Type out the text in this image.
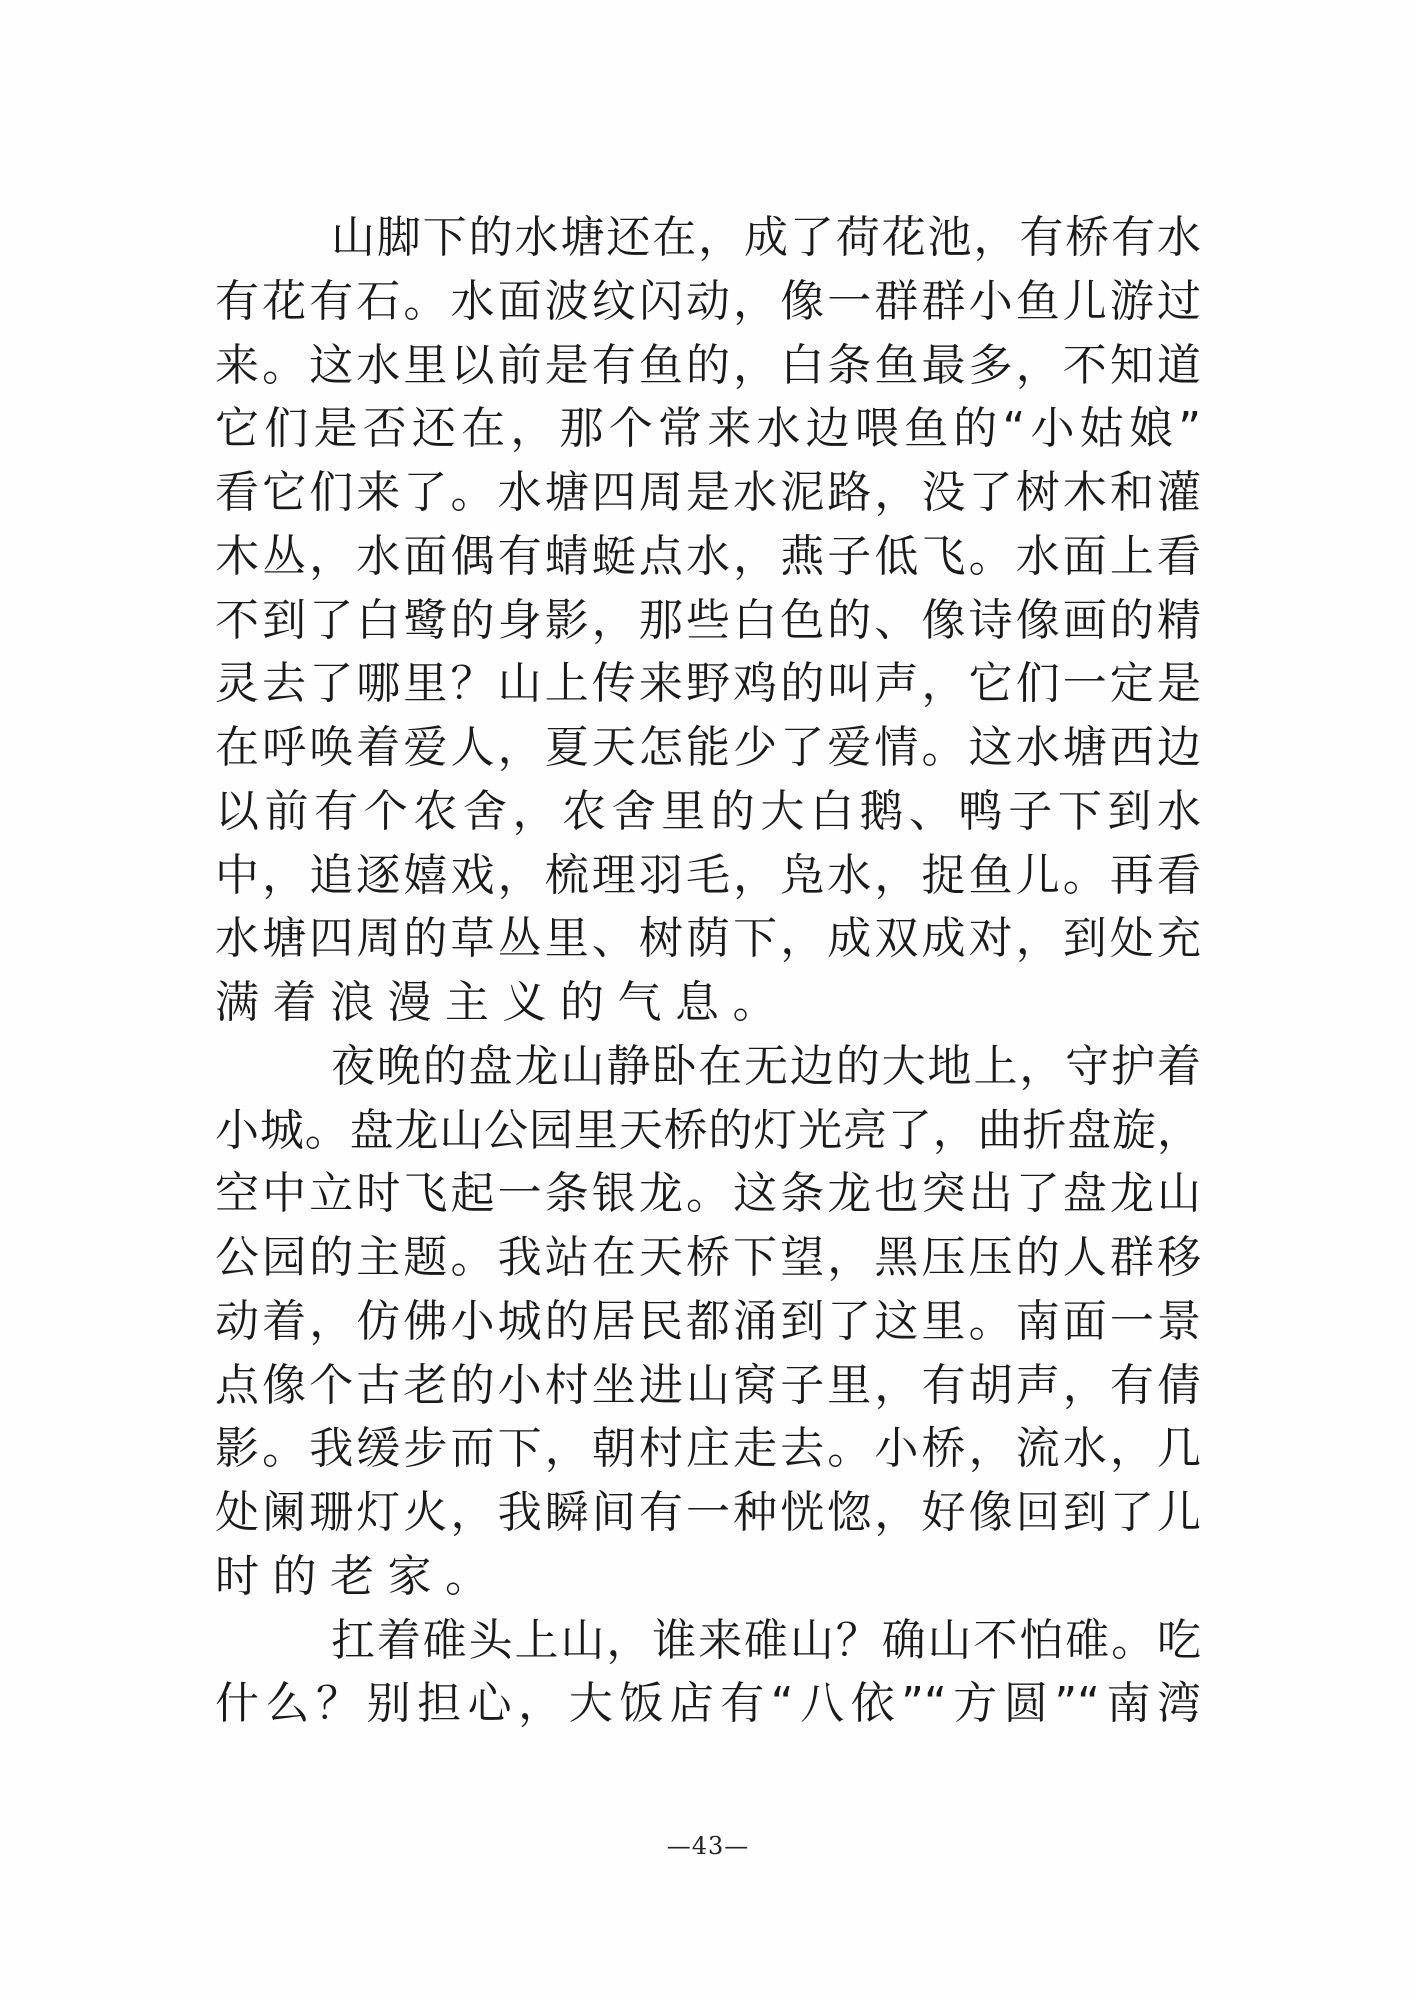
山脚下的水塘还在，成了荷花池，有桥有水
有花有石。水面波纹闪动，像一群群小鱼儿游过
来。这水里以前是有鱼的，白条鱼最多，不知道
它们是否还在，那个常来水边喂鱼的“小姑娘”
看它们来了。水塘四周是水泥路，没了树木和灌
木丛，水面偶有蜻蜓点水，燕子低飞。水面上看
不到了白鹭的身影，那些白色的、像诗像画的精
灵去了哪里？山上传来野鸡的叫声，它们一定是
在呼唤着爱人，夏天怎能少了爱情。这水塘西边
以前有个农舍，农舍里的大白鹅、鸭子下到水
中，追逐嬉戏，梳理羽毛，凫水，捉鱼儿。再看
水塘四周的草丛里、树荫下，成双成对，到处充
满着浪漫主义的气息。
夜晚的盘龙山静卧在无边的大地上，守护着
小城。盘龙山公园里天桥的灯光亮了，曲折盘旋，
空中立时飞起一条银龙。这条龙也突出了盘龙山
公园的主题。我站在天桥下望，黑压压的人群移
动着，仿佛小城的居民都涌到了这里。南面一景
点像个古老的小村坐进山窝子里，有胡声，有倩
影。我缓步而下，朝村庄走去。小桥，流水，几
处阑珊灯火，我瞬间有一种恍惚，好像回到了儿
时的老家。
扛着碓头上山，谁来碓山？确山不怕碓。吃
什么？别担心，大饭店有“八依”“方圆”“南湾
—43—
